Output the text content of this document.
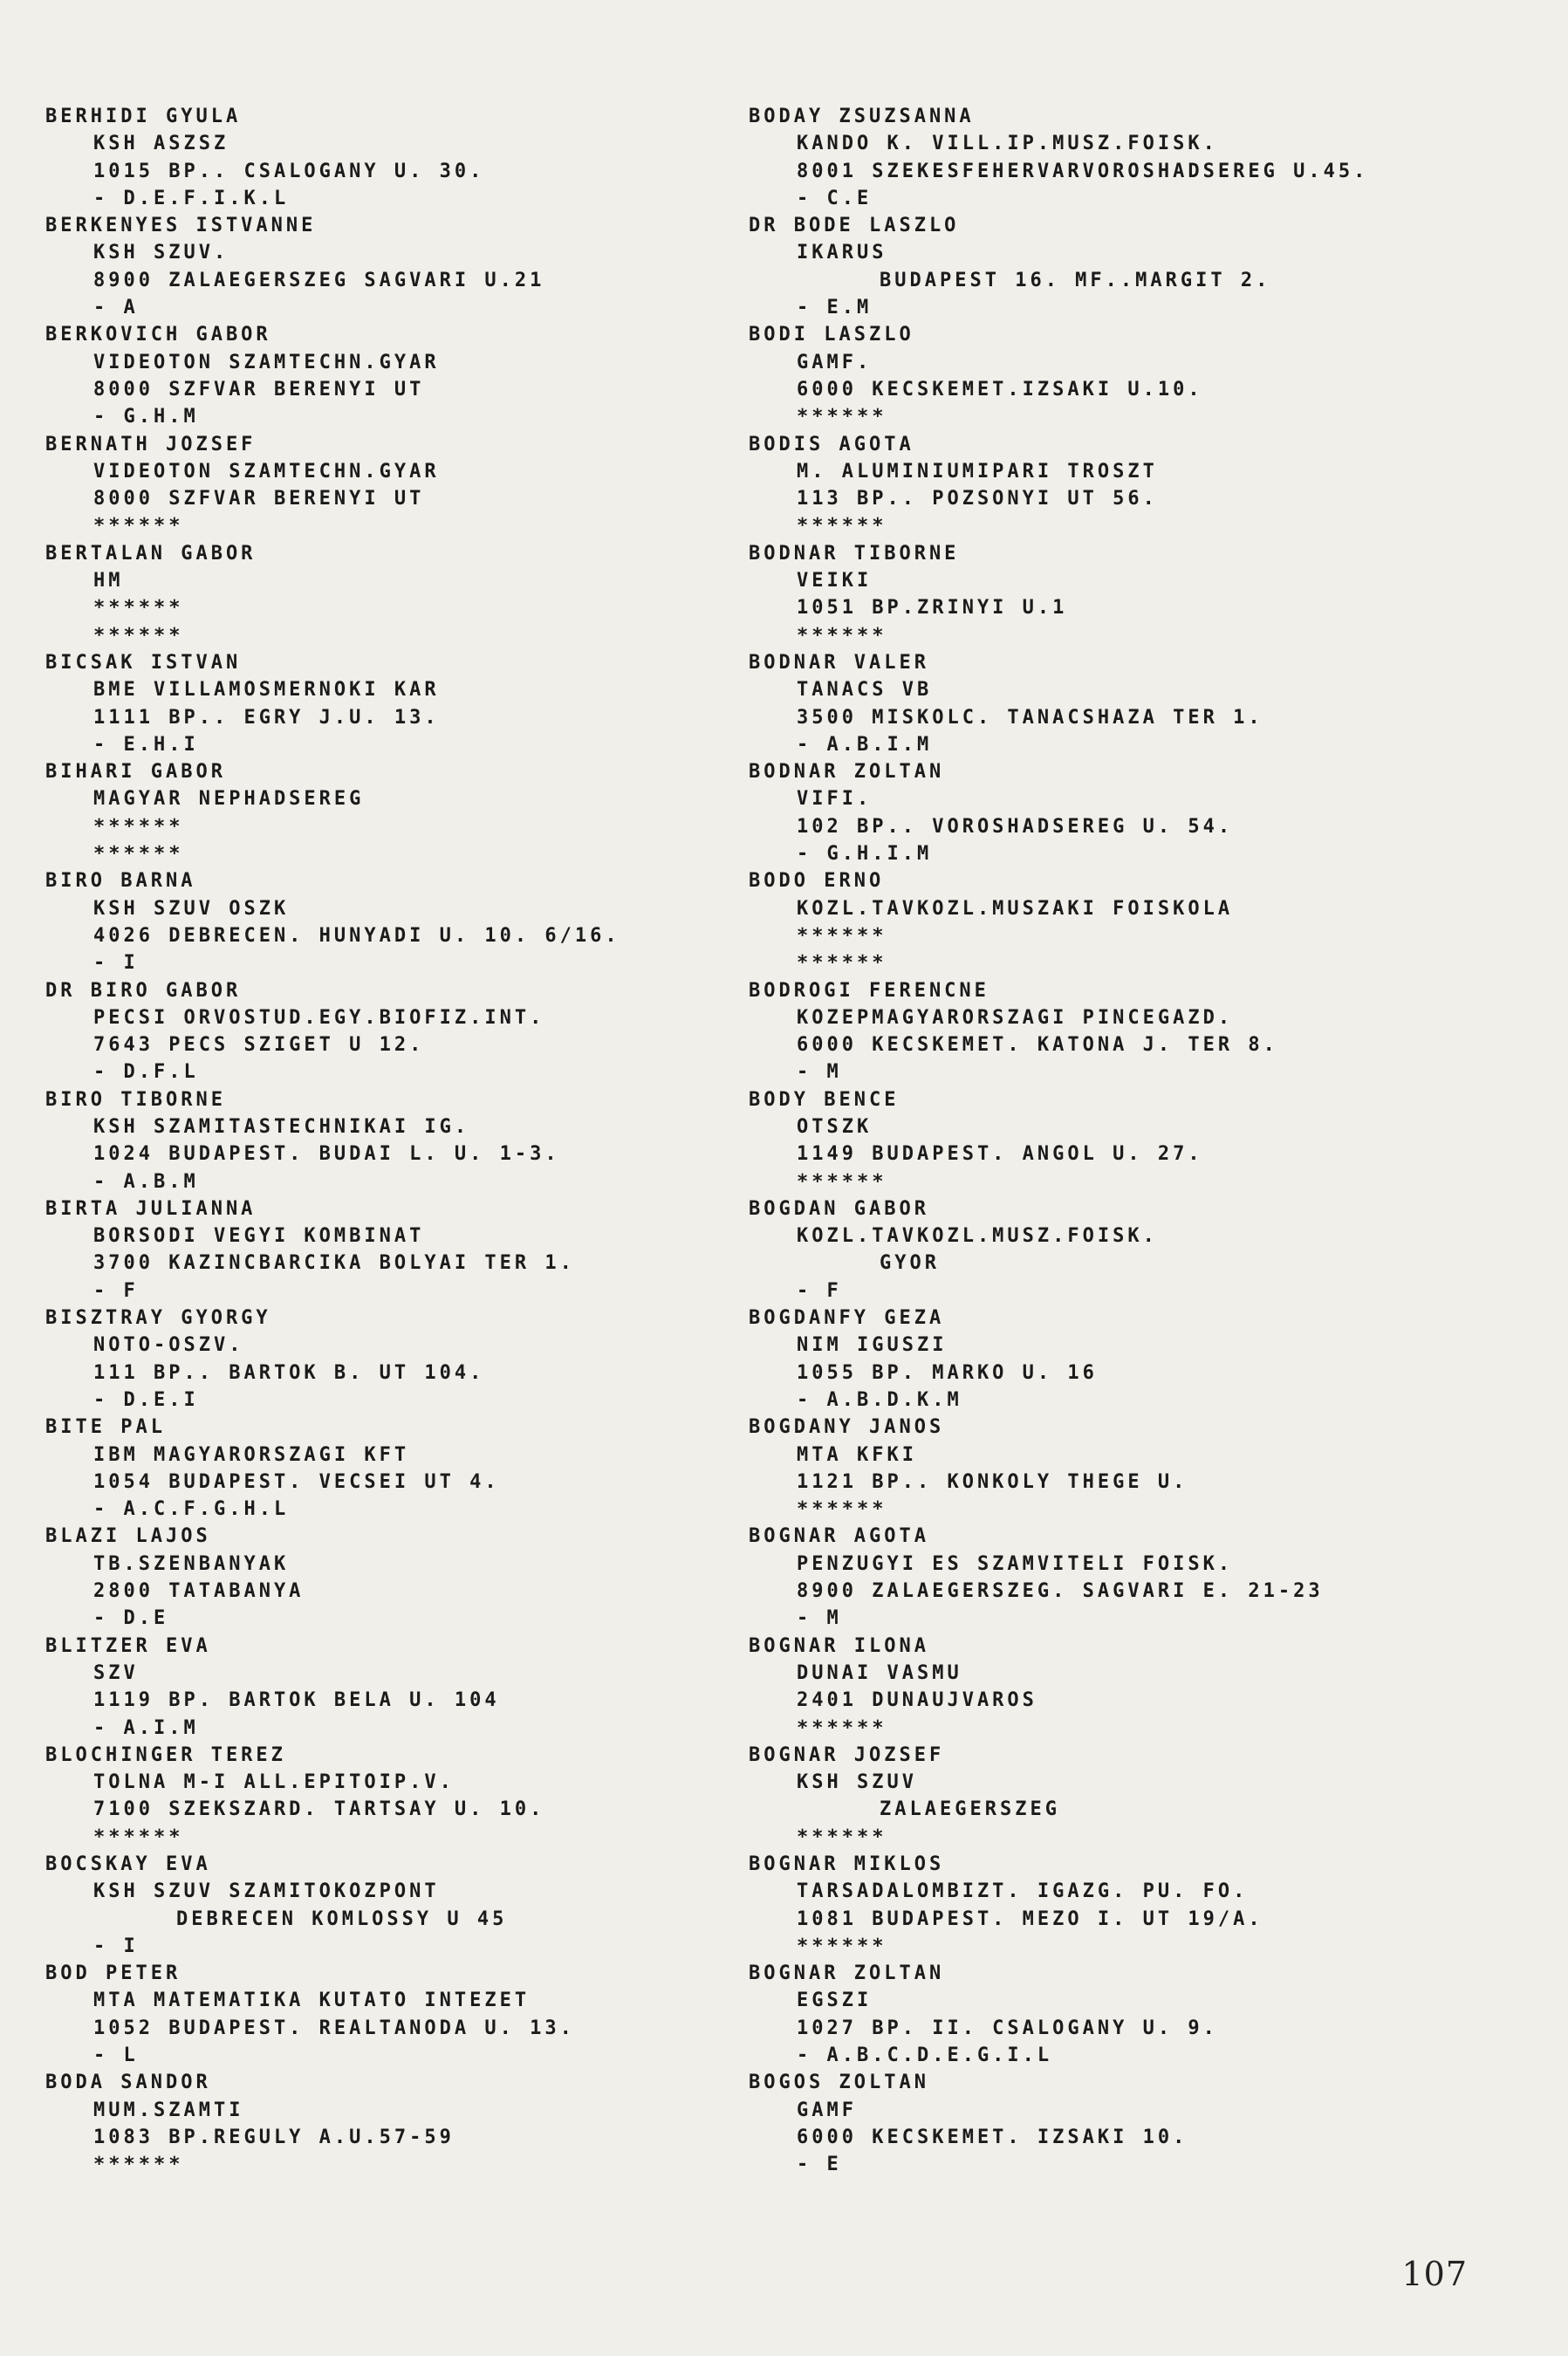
BERHIDI GYULA
KSH ASZSZ
1015 BP.. CSALOGANY U. 30.
- D.E.F.I.K.L
BERKENYES ISTVANNE
KSH SZUV.
8900 ZALAEGERSZEG SAGVARI U.21
- A
BERKOVICH GABOR
VIDEOTON SZAMTECHN.GYAR
8000 SZFVAR BERENYI UT
- G.H.M
BERNATH JOZSEF
VIDEOTON SZAMTECHN.GYAR
8000 SZFVAR BERENYI UT
******
BERTALAN GABOR
HM
******
******
BICSAK ISTVAN
BME VILLAMOSMERNOKI KAR
1111 BP.. EGRY J.U. 13.
- E.H.I
BIHARI GABOR
MAGYAR NEPHADSEREG
******
******
BIRO BARNA
KSH SZUV OSZK
4026 DEBRECEN. HUNYADI U. 10. 6/16.
- I
DR BIRO GABOR
PECSI ORVOSTUD.EGY.BIOFIZ.INT.
7643 PECS SZIGET U 12.
- D.F.L
BIRO TIBORNE
KSH SZAMITASTECHNIKAI IG.
1024 BUDAPEST. BUDAI L. U. 1-3.
- A.B.M
BIRTA JULIANNA
BORSODI VEGYI KOMBINAT
3700 KAZINCBARCIKA BOLYAI TER 1.
- F
BISZTRAY GYORGY
NOTO-OSZV.
111 BP.. BARTOK B. UT 104.
- D.E.I
BITE PAL
IBM MAGYARORSZAGI KFT
1054 BUDAPEST. VECSEI UT 4.
- A.C.F.G.H.L
BLAZI LAJOS
TB.SZENBANYAK
2800 TATABANYA
- D.E
BLITZER EVA
SZV
1119 BP. BARTOK BELA U. 104
- A.I.M
BLOCHINGER TEREZ
TOLNA M-I ALL.EPITOIP.V.
7100 SZEKSZARD. TARTSAY U. 10.
******
BOCSKAY EVA
KSH SZUV SZAMITOKOZPONT
DEBRECEN KOMLOSSY U 45
- I
BOD PETER
MTA MATEMATIKA KUTATO INTEZET
1052 BUDAPEST. REALTANODA U. 13.
- L
BODA SANDOR
MUM.SZAMTI
1083 BP.REGULY A.U.57-59
******
BODAY ZSUZSANNA
KANDO K. VILL.IP.MUSZ.FOISK.
8001 SZEKESFEHERVARVOROSHADSEREG U.45.
- C.E
DR BODE LASZLO
IKARUS
BUDAPEST 16. MF..MARGIT 2.
- E.M
BODI LASZLO
GAMF.
6000 KECSKEMET.IZSAKI U.10.
******
BODIS AGOTA
M. ALUMINIUMIPARI TROSZT
113 BP.. POZSONYI UT 56.
******
BODNAR TIBORNE
VEIKI
1051 BP.ZRINYI U.1
******
BODNAR VALER
TANACS VB
3500 MISKOLC. TANACSHAZA TER 1.
- A.B.I.M
BODNAR ZOLTAN
VIFI.
102 BP.. VOROSHADSEREG U. 54.
- G.H.I.M
BODO ERNO
KOZL.TAVKOZL.MUSZAKI FOISKOLA
******
******
BODROGI FERENCNE
KOZEPMAGYARORSZAGI PINCEGAZD.
6000 KECSKEMET. KATONA J. TER 8.
- M
BODY BENCE
OTSZK
1149 BUDAPEST. ANGOL U. 27.
******
BOGDAN GABOR
KOZL.TAVKOZL.MUSZ.FOISK.
GYOR
- F
BOGDANFY GEZA
NIM IGUSZI
1055 BP. MARKO U. 16
- A.B.D.K.M
BOGDANY JANOS
MTA KFKI
1121 BP.. KONKOLY THEGE U.
******
BOGNAR AGOTA
PENZUGYI ES SZAMVITELI FOISK.
8900 ZALAEGERSZEG. SAGVARI E. 21-23
- M
BOGNAR ILONA
DUNAI VASMU
2401 DUNAUJVAROS
******
BOGNAR JOZSEF
KSH SZUV
ZALAEGERSZEG
******
BOGNAR MIKLOS
TARSADALOMBIZT. IGAZG. PU. FO.
1081 BUDAPEST. MEZO I. UT 19/A.
******
BOGNAR ZOLTAN
EGSZI
1027 BP. II. CSALOGANY U. 9.
- A.B.C.D.E.G.I.L
BOGOS ZOLTAN
GAMF
6000 KECSKEMET. IZSAKI 10.
- E
107
